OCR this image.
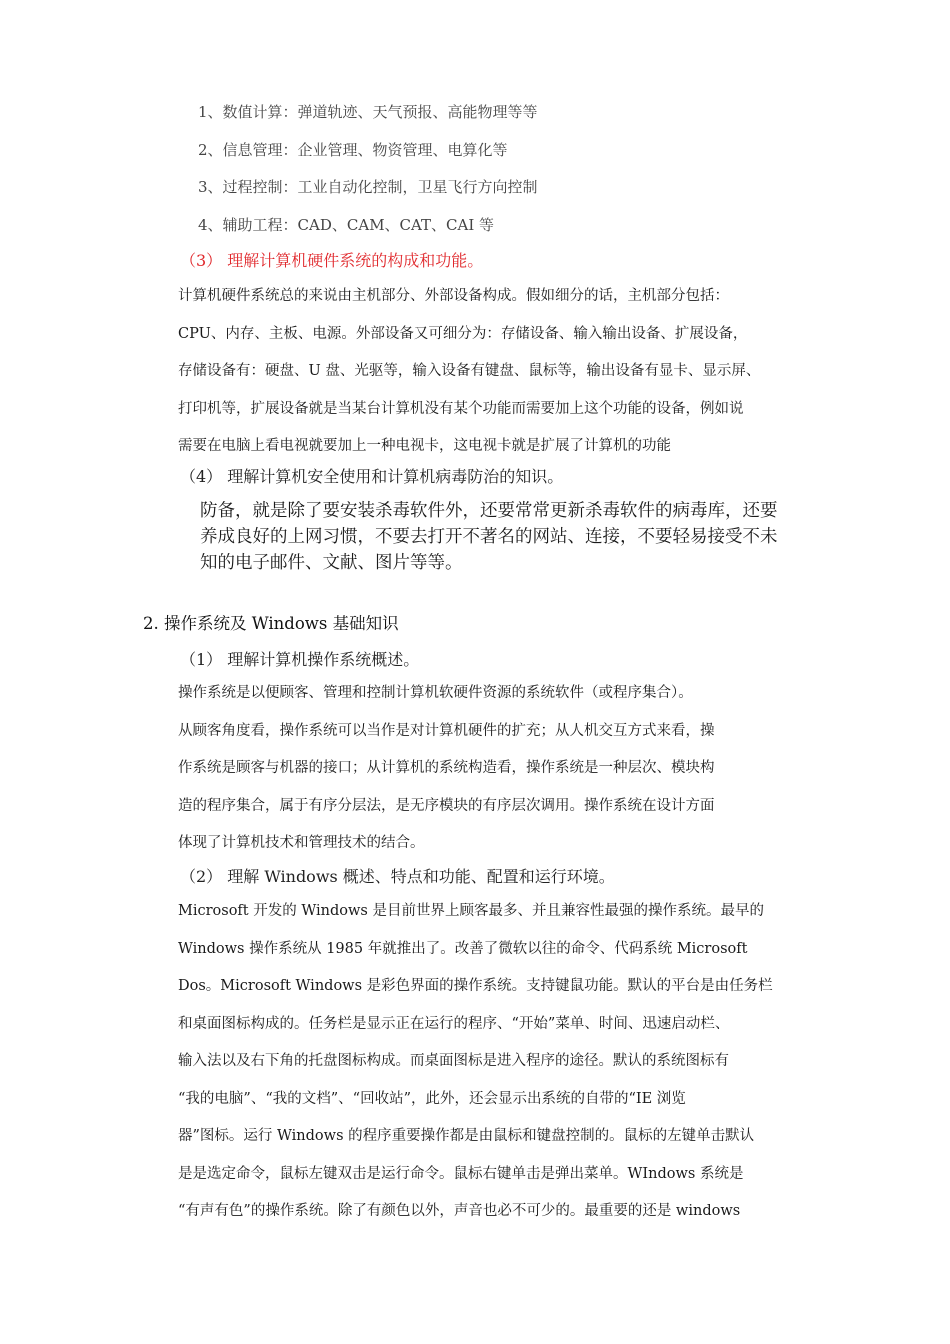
1、数值计算：弹道轨迹、天气预报、高能物理等等

2、信息管理：企业管理、物资管理、电算化等

3、过程控制：工业自动化控制，卫星飞行方向控制

4、辅助工程：CAD、CAM、CAT、CAI 等

（3） 理解计算机硬件系统的构成和功能。

计算机硬件系统总的来说由主机部分、外部设备构成。假如细分的话，主机部分包括：
CPU、内存、主板、电源。外部设备又可细分为：存储设备、输入输出设备、扩展设备，
存储设备有：硬盘、U 盘、光驱等，输入设备有键盘、鼠标等，输出设备有显卡、显示屏、
打印机等，扩展设备就是当某台计算机没有某个功能而需要加上这个功能的设备，例如说
需要在电脑上看电视就要加上一种电视卡，这电视卡就是扩展了计算机的功能

（4） 理解计算机安全使用和计算机病毒防治的知识。

防备，就是除了要安装杀毒软件外，还要常常更新杀毒软件的病毒库，还要
养成良好的上网习惯，不要去打开不著名的网站、连接，不要轻易接受不未
知的电子邮件、文献、图片等等。

2. 操作系统及 Windows 基础知识

（1） 理解计算机操作系统概述。

操作系统是以便顾客、管理和控制计算机软硬件资源的系统软件（或程序集合）。
从顾客角度看，操作系统可以当作是对计算机硬件的扩充；从人机交互方式来看，操
作系统是顾客与机器的接口；从计算机的系统构造看，操作系统是一种层次、模块构
造的程序集合，属于有序分层法，是无序模块的有序层次调用。操作系统在设计方面
体现了计算机技术和管理技术的结合。

（2） 理解 Windows 概述、特点和功能、配置和运行环境。

Microsoft 开发的 Windows 是目前世界上顾客最多、并且兼容性最强的操作系统。最早的
Windows 操作系统从 1985 年就推出了。改善了微软以往的命令、代码系统 Microsoft
Dos。Microsoft Windows 是彩色界面的操作系统。支持键鼠功能。默认的平台是由任务栏
和桌面图标构成的。任务栏是显示正在运行的程序、“开始”菜单、时间、迅速启动栏、
输入法以及右下角的托盘图标构成。而桌面图标是进入程序的途径。默认的系统图标有
“我的电脑”、“我的文档”、“回收站”，此外，还会显示出系统的自带的“IE 浏览
器”图标。运行 Windows 的程序重要操作都是由鼠标和键盘控制的。鼠标的左键单击默认
是是选定命令，鼠标左键双击是运行命令。鼠标右键单击是弹出菜单。WIndows 系统是
“有声有色”的操作系统。除了有颜色以外，声音也必不可少的。最重要的还是 windows
